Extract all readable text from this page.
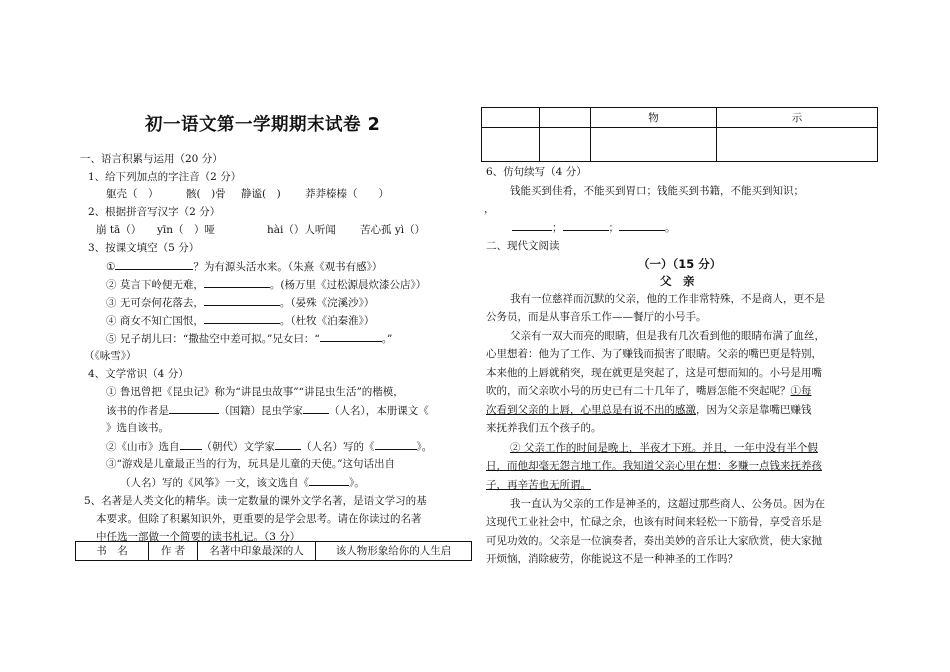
初一语文第一学期期末试卷 2
一、语言积累与运用（20 分）
1、给下列加点的字注音（2 分）
躯壳（　）	骸(　)骨 静谧(　) 莽莽榛榛（　　）
2、根据拼音写汉字（2 分）
崩 tā（） yīn（　）哑	hài（）人听闻 苦心孤 yì（）
3、按课文填空（5 分）
①	？为有源头活水来。（朱熹《观书有感》）
② 莫言下岭便无难，	。(杨万里《过松源晨炊漆公店》）
③ 无可奈何花落去，	。（晏殊《浣溪沙》）
④ 商女不知亡国恨，	。（杜牧《泊秦淮》）
⑤ 兄子胡儿曰：“撒盐空中差可拟。”兄女曰：“	。”
（《咏雪》）
4、文学常识（4 分）
① 鲁迅曾把《昆虫记》称为“讲昆虫故事”“讲昆虫生活”的楷模，
该书的作者是	（国籍）昆虫学家 （人名），本册课文《
》选自该书。
②《山市》选自 （朝代）文学家 （人名）写的《	》。
③“游戏是儿童最正当的行为，玩具是儿童的天使。”这句话出自
（人名）写的《风筝》一文，该文选自《	》。
5、名著是人类文化的精华。读一定数量的课外文学名著，是语文学习的基
本要求。但除了积累知识外，更重要的是学会思考。请在你读过的名著
中任选一部做一个简要的读书札记。（3 分）
书　名	作 者	名著中印象最深的人	该人物形象给你的人生启
		物	示

6、仿句续写（4 分）
钱能买到佳肴，不能买到胃口；钱能买到书籍，不能买到知识；
，
；	；	。
二、现代文阅读
（一）（15 分）
父　亲
我有一位慈祥而沉默的父亲，他的工作非常特殊，不是商人，更不是
公务员，而是从事音乐工作——餐厅的小号手。
父亲有一双大而亮的眼睛，但是我有几次看到他的眼睛布满了血丝，
心里想着：他为了工作、为了赚钱而损害了眼睛。父亲的嘴巴更是特别，
本来他的上唇就稍突，现在就更是突起了，这是可想而知的。小号是用嘴
吹的，而父亲吹小号的历史已有二十几年了，嘴唇怎能不突起呢？①每
次看到父亲的上唇，心里总是有说不出的感激，因为父亲是靠嘴巴赚钱
来抚养我们五个孩子的。
② 父亲工作的时间是晚上，半夜才下班。并且，一年中没有半个假
日，而他却毫无怨言地工作。我知道父亲心里在想：多赚一点钱来抚养孩
子，再辛苦也无所谓。
我一直认为父亲的工作是神圣的，这超过那些商人、公务员。因为在
这现代工业社会中，忙碌之余，也该有时间来轻松一下筋骨，享受音乐是
可见功效的。父亲是一位演奏者，奏出美妙的音乐让大家欣赏，使大家抛
开烦恼，消除疲劳，你能说这不是一种神圣的工作吗？
